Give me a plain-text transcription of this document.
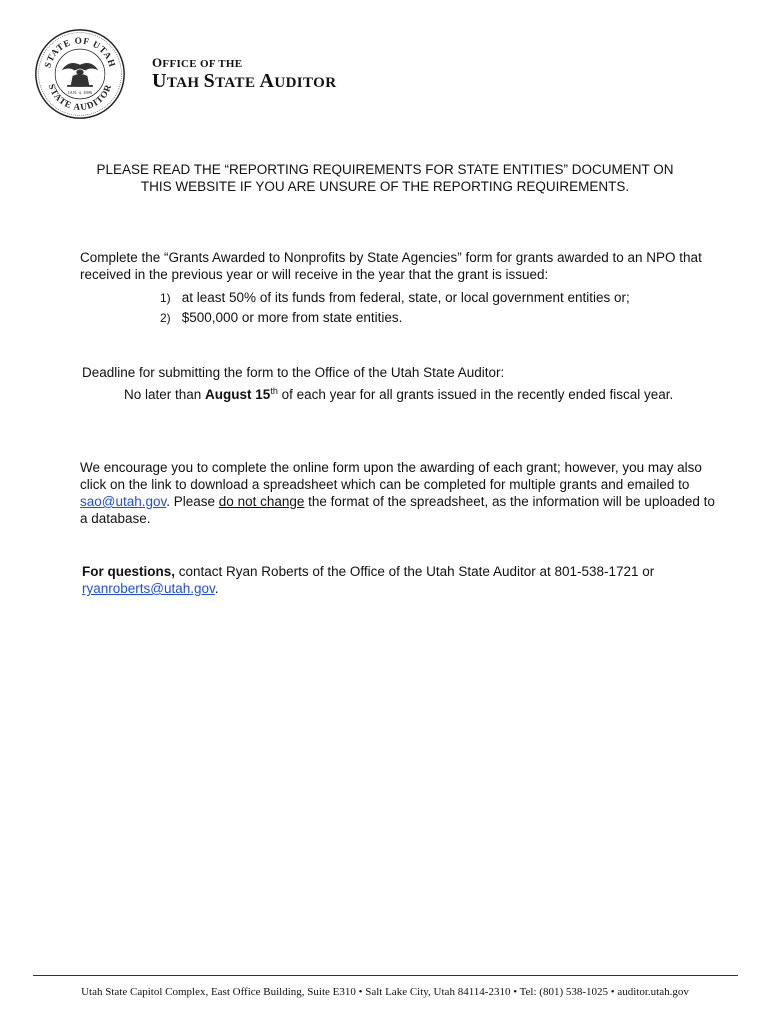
STATE OF UTAH
STATE AUDITOR
JAN. 4, 1896
OFFICE OF THE
UTAH STATE AUDITOR
PLEASE READ THE “REPORTING REQUIREMENTS FOR STATE ENTITIES” DOCUMENT ON
THIS WEBSITE IF YOU ARE UNSURE OF THE REPORTING REQUIREMENTS.
Complete the “Grants Awarded to Nonprofits by State Agencies” form for grants awarded to an NPO that received in the previous year or will receive in the year that the grant is issued:
1) at least 50% of its funds from federal, state, or local government entities or;
2) $500,000 or more from state entities.
Deadline for submitting the form to the Office of the Utah State Auditor:
No later than August 15th of each year for all grants issued in the recently ended fiscal year.
We encourage you to complete the online form upon the awarding of each grant; however, you may also click on the link to download a spreadsheet which can be completed for multiple grants and emailed to sao@utah.gov. Please do not change the format of the spreadsheet, as the information will be uploaded to a database.
For questions, contact Ryan Roberts of the Office of the Utah State Auditor at 801-538-1721 or ryanroberts@utah.gov.
Utah State Capitol Complex, East Office Building, Suite E310 • Salt Lake City, Utah 84114-2310 • Tel: (801) 538-1025 • auditor.utah.gov
